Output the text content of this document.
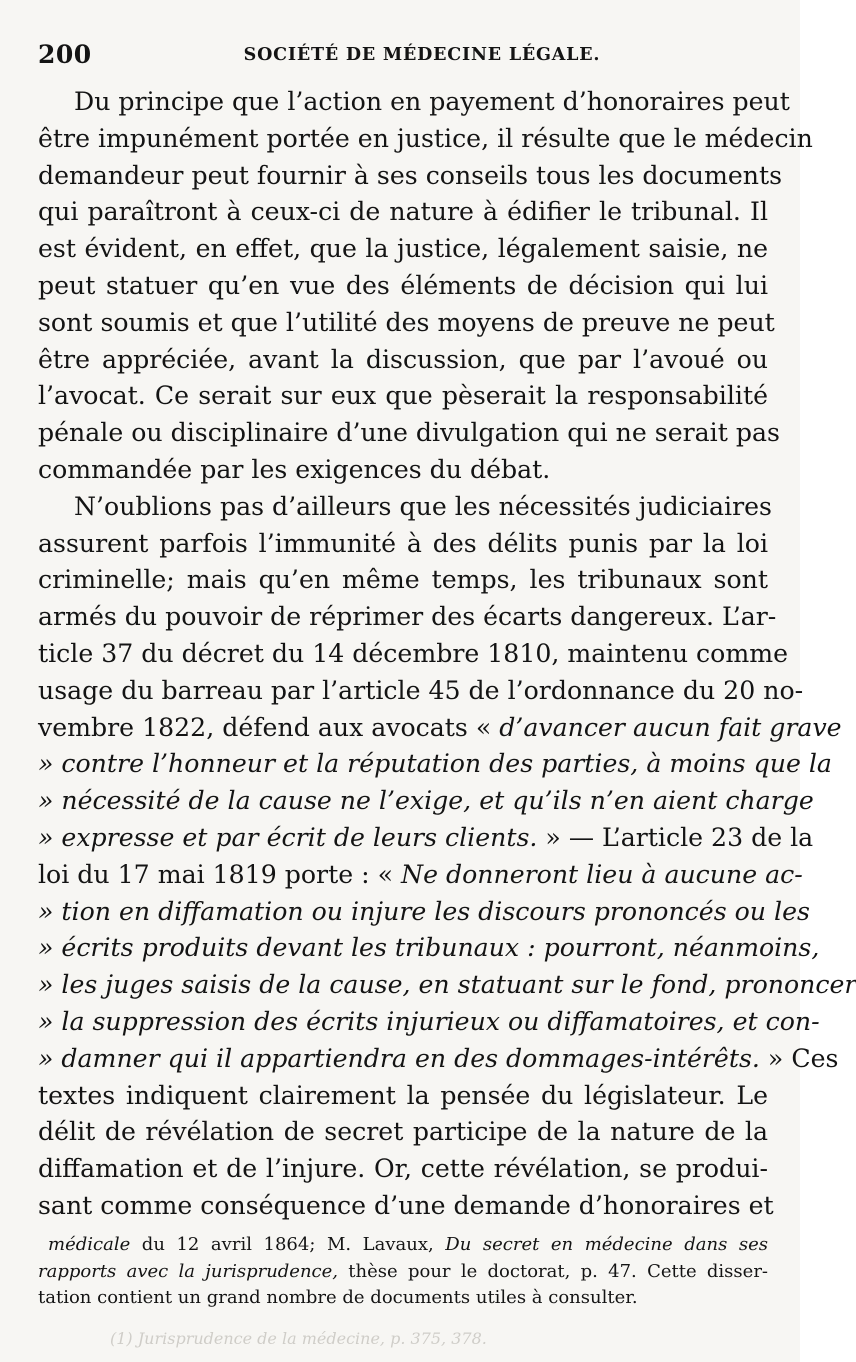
200	SOCIÉTÉ DE MÉDECINE LÉGALE.
Du principe que l’action en payement d’honoraires peut
être impunément portée en justice, il résulte que le médecin
demandeur peut fournir à ses conseils tous les documents
qui paraîtront à ceux-ci de nature à édifier le tribunal. Il
est évident, en effet, que la justice, légalement saisie, ne
peut statuer qu’en vue des éléments de décision qui lui
sont soumis et que l’utilité des moyens de preuve ne peut
être appréciée, avant la discussion, que par l’avoué ou
l’avocat. Ce serait sur eux que pèserait la responsabilité
pénale ou disciplinaire d’une divulgation qui ne serait pas
commandée par les exigences du débat.
N’oublions pas d’ailleurs que les nécessités judiciaires
assurent parfois l’immunité à des délits punis par la loi
criminelle; mais qu’en même temps, les tribunaux sont
armés du pouvoir de réprimer des écarts dangereux. L’ar-
ticle 37 du décret du 14 décembre 1810, maintenu comme
usage du barreau par l’article 45 de l’ordonnance du 20 no-
vembre 1822, défend aux avocats « d’avancer aucun fait grave
» contre l’honneur et la réputation des parties, à moins que la
» nécessité de la cause ne l’exige, et qu’ils n’en aient charge
» expresse et par écrit de leurs clients. » — L’article 23 de la
loi du 17 mai 1819 porte : « Ne donneront lieu à aucune ac-
» tion en diffamation ou injure les discours prononcés ou les
» écrits produits devant les tribunaux : pourront, néanmoins,
» les juges saisis de la cause, en statuant sur le fond, prononcer
» la suppression des écrits injurieux ou diffamatoires, et con-
» damner qui il appartiendra en des dommages-intérêts. » Ces
textes indiquent clairement la pensée du législateur. Le
délit de révélation de secret participe de la nature de la
diffamation et de l’injure. Or, cette révélation, se produi-
sant comme conséquence d’une demande d’honoraires et
médicale du 12 avril 1864; M. Lavaux, Du secret en médecine dans ses
rapports avec la jurisprudence, thèse pour le doctorat, p. 47. Cette disser-
tation contient un grand nombre de documents utiles à consulter.
(1) Jurisprudence de la médecine, p. 375, 378.
